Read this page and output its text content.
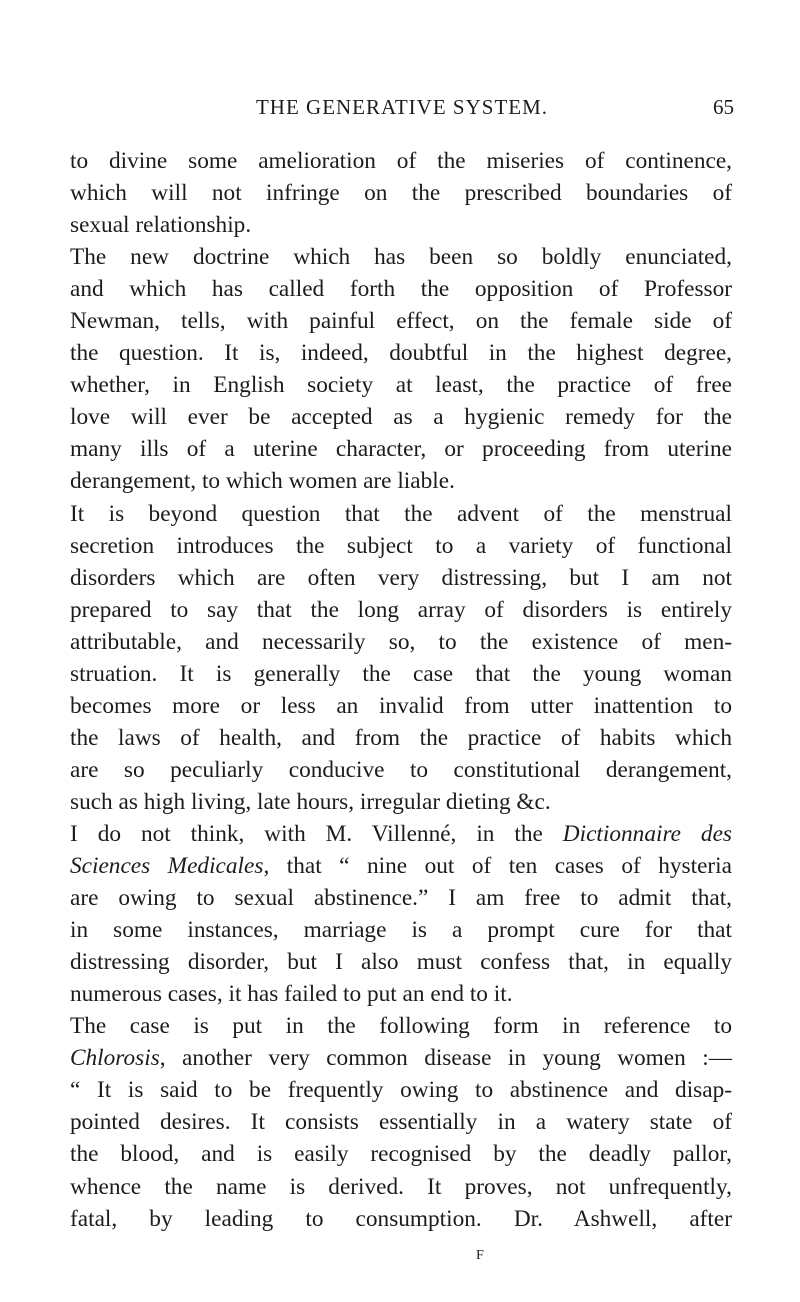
THE GENERATIVE SYSTEM.	65
to divine some amelioration of the miseries of continence,
which will not infringe on the prescribed boundaries of
sexual relationship.
The new doctrine which has been so boldly enunciated,
and which has called forth the opposition of Professor
Newman, tells, with painful effect, on the female side of
the question. It is, indeed, doubtful in the highest degree,
whether, in English society at least, the practice of free
love will ever be accepted as a hygienic remedy for the
many ills of a uterine character, or proceeding from uterine
derangement, to which women are liable.
It is beyond question that the advent of the menstrual
secretion introduces the subject to a variety of functional
disorders which are often very distressing, but I am not
prepared to say that the long array of disorders is entirely
attributable, and necessarily so, to the existence of men-
struation. It is generally the case that the young woman
becomes more or less an invalid from utter inattention to
the laws of health, and from the practice of habits which
are so peculiarly conducive to constitutional derangement,
such as high living, late hours, irregular dieting &c.
I do not think, with M. Villenné, in the Dictionnaire des
Sciences Medicales, that “ nine out of ten cases of hysteria
are owing to sexual abstinence.” I am free to admit that,
in some instances, marriage is a prompt cure for that
distressing disorder, but I also must confess that, in equally
numerous cases, it has failed to put an end to it.
The case is put in the following form in reference to
Chlorosis, another very common disease in young women :—
“ It is said to be frequently owing to abstinence and disap-
pointed desires. It consists essentially in a watery state of
the blood, and is easily recognised by the deadly pallor,
whence the name is derived. It proves, not unfrequently,
fatal, by leading to consumption. Dr. Ashwell, after
F
